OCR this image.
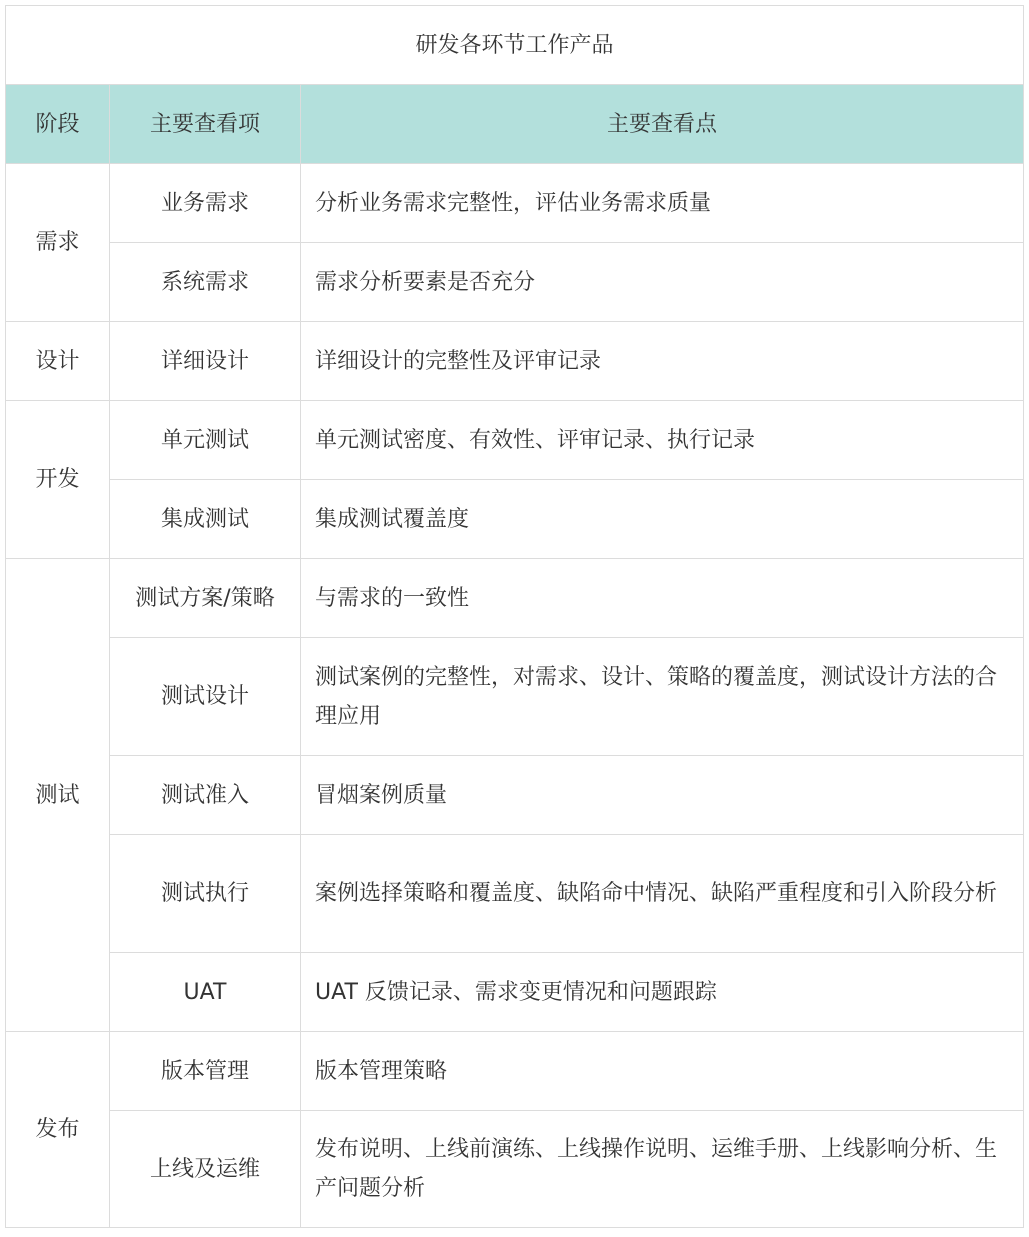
研发各环节工作产品		
阶段	主要查看项	主要查看点
需求	业务需求	分析业务需求完整性，评估业务需求质量
	系统需求	需求分析要素是否充分
设计	详细设计	详细设计的完整性及评审记录
开发	单元测试	单元测试密度、有效性、评审记录、执行记录
	集成测试	集成测试覆盖度
测试	测试方案/策略	与需求的一致性
	测试设计	测试案例的完整性，对需求、设计、策略的覆盖度，测试设计方法的合理应用
	测试准入	冒烟案例质量
	测试执行	案例选择策略和覆盖度、缺陷命中情况、缺陷严重程度和引入阶段分析
	UAT	UAT 反馈记录、需求变更情况和问题跟踪
发布	版本管理	版本管理策略
	上线及运维	发布说明、上线前演练、上线操作说明、运维手册、上线影响分析、生产问题分析
